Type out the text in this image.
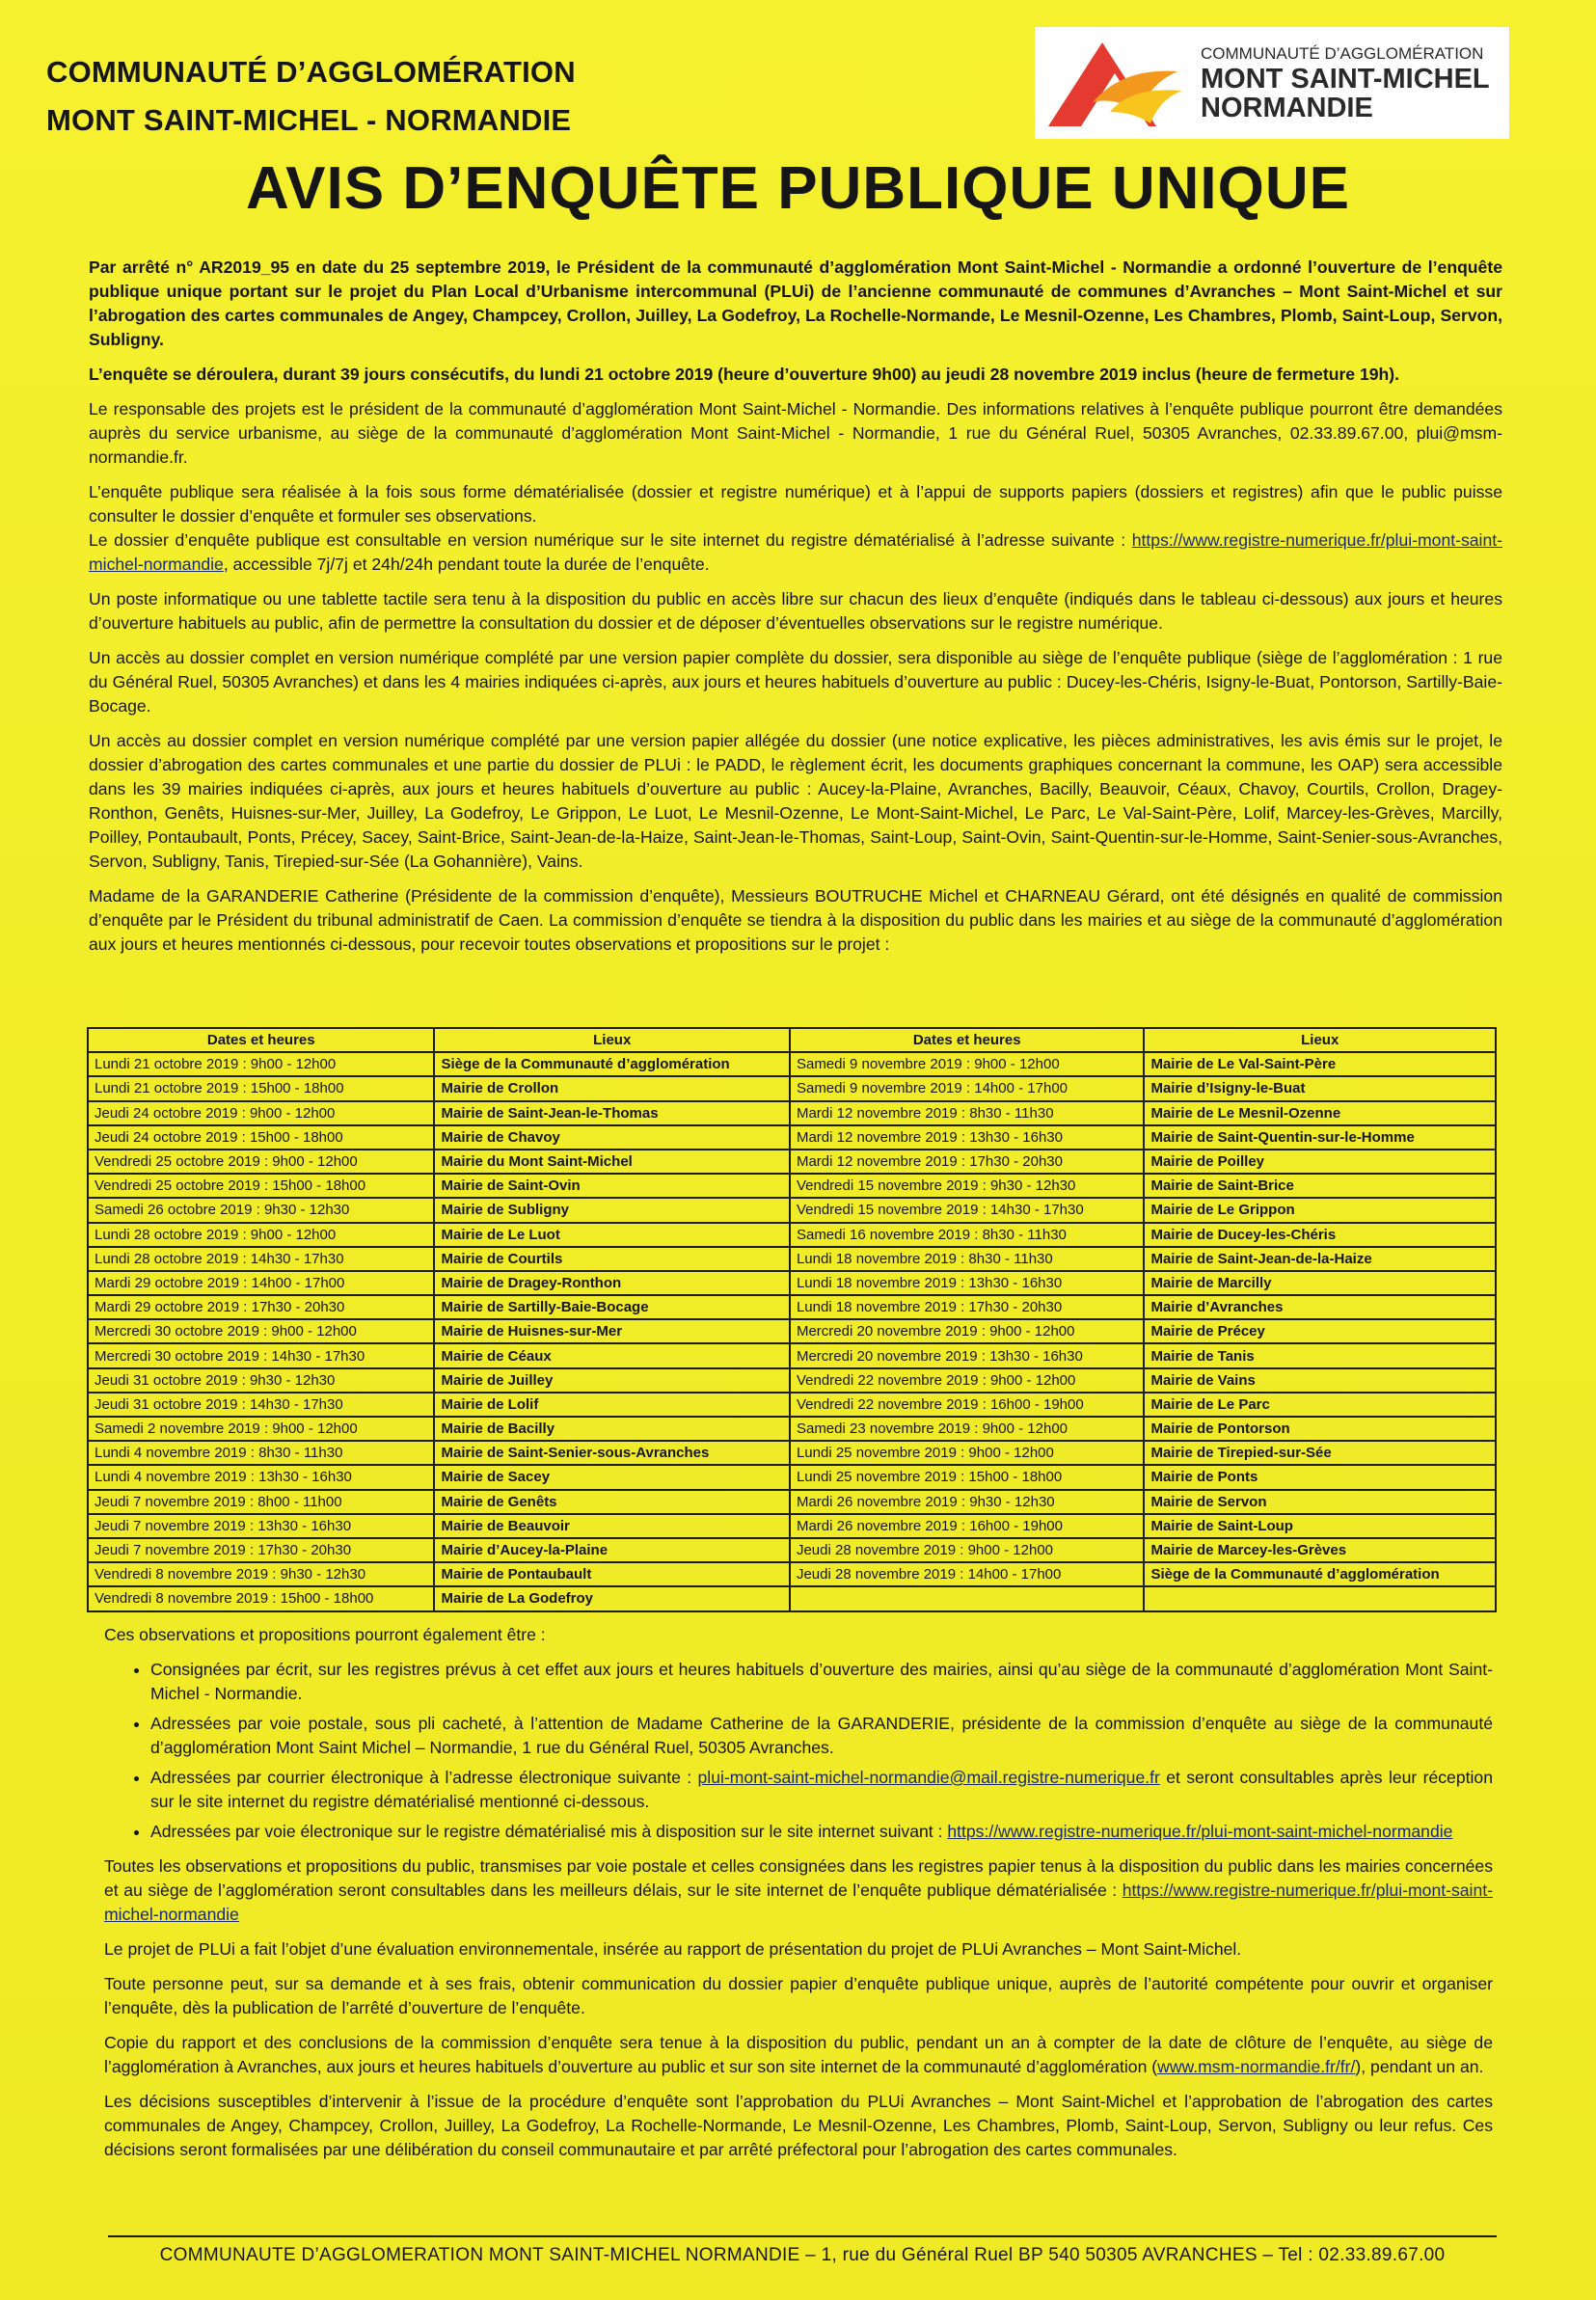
COMMUNAUTÉ D’AGGLOMÉRATION
MONT SAINT-MICHEL - NORMANDIE
COMMUNAUTÉ D’AGGLOMÉRATION
MONT SAINT-MICHEL
NORMANDIE
AVIS D’ENQUÊTE PUBLIQUE UNIQUE

Par arrêté n° AR2019_95 en date du 25 septembre 2019, le Président de la communauté d’agglomération Mont Saint-Michel - Normandie a ordonné l’ouverture de l’enquête publique unique portant sur le projet du Plan Local d’Urbanisme intercommunal (PLUi) de l’ancienne communauté de communes d’Avranches – Mont Saint-Michel et sur l’abrogation des cartes communales de Angey, Champcey, Crollon, Juilley, La Godefroy, La Rochelle-Normande, Le Mesnil-Ozenne, Les Chambres, Plomb, Saint-Loup, Servon, Subligny.

L’enquête se déroulera, durant 39 jours consécutifs, du lundi 21 octobre 2019 (heure d’ouverture 9h00) au jeudi 28 novembre 2019 inclus (heure de fermeture 19h).

Le responsable des projets est le président de la communauté d’agglomération Mont Saint-Michel - Normandie. Des informations relatives à l’enquête publique pourront être demandées auprès du service urbanisme, au siège de la communauté d’agglomération Mont Saint-Michel - Normandie, 1 rue du Général Ruel, 50305 Avranches, 02.33.89.67.00, plui@msm-normandie.fr.

L’enquête publique sera réalisée à la fois sous forme dématérialisée (dossier et registre numérique) et à l’appui de supports papiers (dossiers et registres) afin que le public puisse consulter le dossier d’enquête et formuler ses observations.
Le dossier d’enquête publique est consultable en version numérique sur le site internet du registre dématérialisé à l’adresse suivante : https://www.registre-numerique.fr/plui-mont-saint-michel-normandie, accessible 7j/7j et 24h/24h pendant toute la durée de l’enquête.

Un poste informatique ou une tablette tactile sera tenu à la disposition du public en accès libre sur chacun des lieux d’enquête (indiqués dans le tableau ci-dessous) aux jours et heures d’ouverture habituels au public, afin de permettre la consultation du dossier et de déposer d’éventuelles observations sur le registre numérique.

Un accès au dossier complet en version numérique complété par une version papier complète du dossier, sera disponible au siège de l’enquête publique (siège de l’agglomération : 1 rue du Général Ruel, 50305 Avranches) et dans les 4 mairies indiquées ci-après, aux jours et heures habituels d’ouverture au public : Ducey-les-Chéris, Isigny-le-Buat, Pontorson, Sartilly-Baie-Bocage.

Un accès au dossier complet en version numérique complété par une version papier allégée du dossier (une notice explicative, les pièces administratives, les avis émis sur le projet, le dossier d’abrogation des cartes communales et une partie du dossier de PLUi : le PADD, le règlement écrit, les documents graphiques concernant la commune, les OAP) sera accessible dans les 39 mairies indiquées ci-après, aux jours et heures habituels d’ouverture au public : Aucey-la-Plaine, Avranches, Bacilly, Beauvoir, Céaux, Chavoy, Courtils, Crollon, Dragey-Ronthon, Genêts, Huisnes-sur-Mer, Juilley, La Godefroy, Le Grippon, Le Luot, Le Mesnil-Ozenne, Le Mont-Saint-Michel, Le Parc, Le Val-Saint-Père, Lolif, Marcey-les-Grèves, Marcilly, Poilley, Pontaubault, Ponts, Précey, Sacey, Saint-Brice, Saint-Jean-de-la-Haize, Saint-Jean-le-Thomas, Saint-Loup, Saint-Ovin, Saint-Quentin-sur-le-Homme, Saint-Senier-sous-Avranches, Servon, Subligny, Tanis, Tirepied-sur-Sée (La Gohannière), Vains.

Madame de la GARANDERIE Catherine (Présidente de la commission d’enquête), Messieurs BOUTRUCHE Michel et CHARNEAU Gérard, ont été désignés en qualité de commission d’enquête par le Président du tribunal administratif de Caen. La commission d’enquête se tiendra à la disposition du public dans les mairies et au siège de la communauté d’agglomération aux jours et heures mentionnés ci-dessous, pour recevoir toutes observations et propositions sur le projet :

Dates et heures	Lieux	Dates et heures	Lieux
Lundi 21 octobre 2019 : 9h00 - 12h00	Siège de la Communauté d’agglomération	Samedi 9 novembre 2019 : 9h00 - 12h00	Mairie de Le Val-Saint-Père
Lundi 21 octobre 2019 : 15h00 - 18h00	Mairie de Crollon	Samedi 9 novembre 2019 : 14h00 - 17h00	Mairie d’Isigny-le-Buat
Jeudi 24 octobre 2019 : 9h00 - 12h00	Mairie de Saint-Jean-le-Thomas	Mardi 12 novembre 2019 : 8h30 - 11h30	Mairie de Le Mesnil-Ozenne
Jeudi 24 octobre 2019 : 15h00 - 18h00	Mairie de Chavoy	Mardi 12 novembre 2019 : 13h30 - 16h30	Mairie de Saint-Quentin-sur-le-Homme
Vendredi 25 octobre 2019 : 9h00 - 12h00	Mairie du Mont Saint-Michel	Mardi 12 novembre 2019 : 17h30 - 20h30	Mairie de Poilley
Vendredi 25 octobre 2019 : 15h00 - 18h00	Mairie de Saint-Ovin	Vendredi 15 novembre 2019 : 9h30 - 12h30	Mairie de Saint-Brice
Samedi 26 octobre 2019 : 9h30 - 12h30	Mairie de Subligny	Vendredi 15 novembre 2019 : 14h30 - 17h30	Mairie de Le Grippon
Lundi 28 octobre 2019 : 9h00 - 12h00	Mairie de Le Luot	Samedi 16 novembre 2019 : 8h30 - 11h30	Mairie de Ducey-les-Chéris
Lundi 28 octobre 2019 : 14h30 - 17h30	Mairie de Courtils	Lundi 18 novembre 2019 : 8h30 - 11h30	Mairie de Saint-Jean-de-la-Haize
Mardi 29 octobre 2019 : 14h00 - 17h00	Mairie de Dragey-Ronthon	Lundi 18 novembre 2019 : 13h30 - 16h30	Mairie de Marcilly
Mardi 29 octobre 2019 : 17h30 - 20h30	Mairie de Sartilly-Baie-Bocage	Lundi 18 novembre 2019 : 17h30 - 20h30	Mairie d’Avranches
Mercredi 30 octobre 2019 : 9h00 - 12h00	Mairie de Huisnes-sur-Mer	Mercredi 20 novembre 2019 : 9h00 - 12h00	Mairie de Précey
Mercredi 30 octobre 2019 : 14h30 - 17h30	Mairie de Céaux	Mercredi 20 novembre 2019 : 13h30 - 16h30	Mairie de Tanis
Jeudi 31 octobre 2019 : 9h30 - 12h30	Mairie de Juilley	Vendredi 22 novembre 2019 : 9h00 - 12h00	Mairie de Vains
Jeudi 31 octobre 2019 : 14h30 - 17h30	Mairie de Lolif	Vendredi 22 novembre 2019 : 16h00 - 19h00	Mairie de Le Parc
Samedi 2 novembre 2019 : 9h00 - 12h00	Mairie de Bacilly	Samedi 23 novembre 2019 : 9h00 - 12h00	Mairie de Pontorson
Lundi 4 novembre 2019 : 8h30 - 11h30	Mairie de Saint-Senier-sous-Avranches	Lundi 25 novembre 2019 : 9h00 - 12h00	Mairie de Tirepied-sur-Sée
Lundi 4 novembre 2019 : 13h30 - 16h30	Mairie de Sacey	Lundi 25 novembre 2019 : 15h00 - 18h00	Mairie de Ponts
Jeudi 7 novembre 2019 : 8h00 - 11h00	Mairie de Genêts	Mardi 26 novembre 2019 : 9h30 - 12h30	Mairie de Servon
Jeudi 7 novembre 2019 : 13h30 - 16h30	Mairie de Beauvoir	Mardi 26 novembre 2019 : 16h00 - 19h00	Mairie de Saint-Loup
Jeudi 7 novembre 2019 : 17h30 - 20h30	Mairie d’Aucey-la-Plaine	Jeudi 28 novembre 2019 : 9h00 - 12h00	Mairie de Marcey-les-Grèves
Vendredi 8 novembre 2019 : 9h30 - 12h30	Mairie de Pontaubault	Jeudi 28 novembre 2019 : 14h00 - 17h00	Siège de la Communauté d’agglomération
Vendredi 8 novembre 2019 : 15h00 - 18h00	Mairie de La Godefroy		

Ces observations et propositions pourront également être :

• Consignées par écrit, sur les registres prévus à cet effet aux jours et heures habituels d’ouverture des mairies, ainsi qu’au siège de la communauté d’agglomération Mont Saint-Michel - Normandie.
• Adressées par voie postale, sous pli cacheté, à l’attention de Madame Catherine de la GARANDERIE, présidente de la commission d’enquête au siège de la communauté d’agglomération Mont Saint Michel – Normandie, 1 rue du Général Ruel, 50305 Avranches.
• Adressées par courrier électronique à l’adresse électronique suivante : plui-mont-saint-michel-normandie@mail.registre-numerique.fr et seront consultables après leur réception sur le site internet du registre dématérialisé mentionné ci-dessous.
• Adressées par voie électronique sur le registre dématérialisé mis à disposition sur le site internet suivant : https://www.registre-numerique.fr/plui-mont-saint-michel-normandie

Toutes les observations et propositions du public, transmises par voie postale et celles consignées dans les registres papier tenus à la disposition du public dans les mairies concernées et au siège de l’agglomération seront consultables dans les meilleurs délais, sur le site internet de l’enquête publique dématérialisée : https://www.registre-numerique.fr/plui-mont-saint-michel-normandie

Le projet de PLUi a fait l’objet d’une évaluation environnementale, insérée au rapport de présentation du projet de PLUi Avranches – Mont Saint-Michel.

Toute personne peut, sur sa demande et à ses frais, obtenir communication du dossier papier d’enquête publique unique, auprès de l’autorité compétente pour ouvrir et organiser l’enquête, dès la publication de l’arrêté d’ouverture de l’enquête.

Copie du rapport et des conclusions de la commission d’enquête sera tenue à la disposition du public, pendant un an à compter de la date de clôture de l’enquête, au siège de l’agglomération à Avranches, aux jours et heures habituels d’ouverture au public et sur son site internet de la communauté d’agglomération (www.msm-normandie.fr/fr/), pendant un an.

Les décisions susceptibles d’intervenir à l’issue de la procédure d’enquête sont l’approbation du PLUi Avranches – Mont Saint-Michel et l’approbation de l’abrogation des cartes communales de Angey, Champcey, Crollon, Juilley, La Godefroy, La Rochelle-Normande, Le Mesnil-Ozenne, Les Chambres, Plomb, Saint-Loup, Servon, Subligny ou leur refus. Ces décisions seront formalisées par une délibération du conseil communautaire et par arrêté préfectoral pour l’abrogation des cartes communales.

COMMUNAUTE D’AGGLOMERATION MONT SAINT-MICHEL NORMANDIE – 1, rue du Général Ruel BP 540 50305 AVRANCHES – Tel : 02.33.89.67.00
